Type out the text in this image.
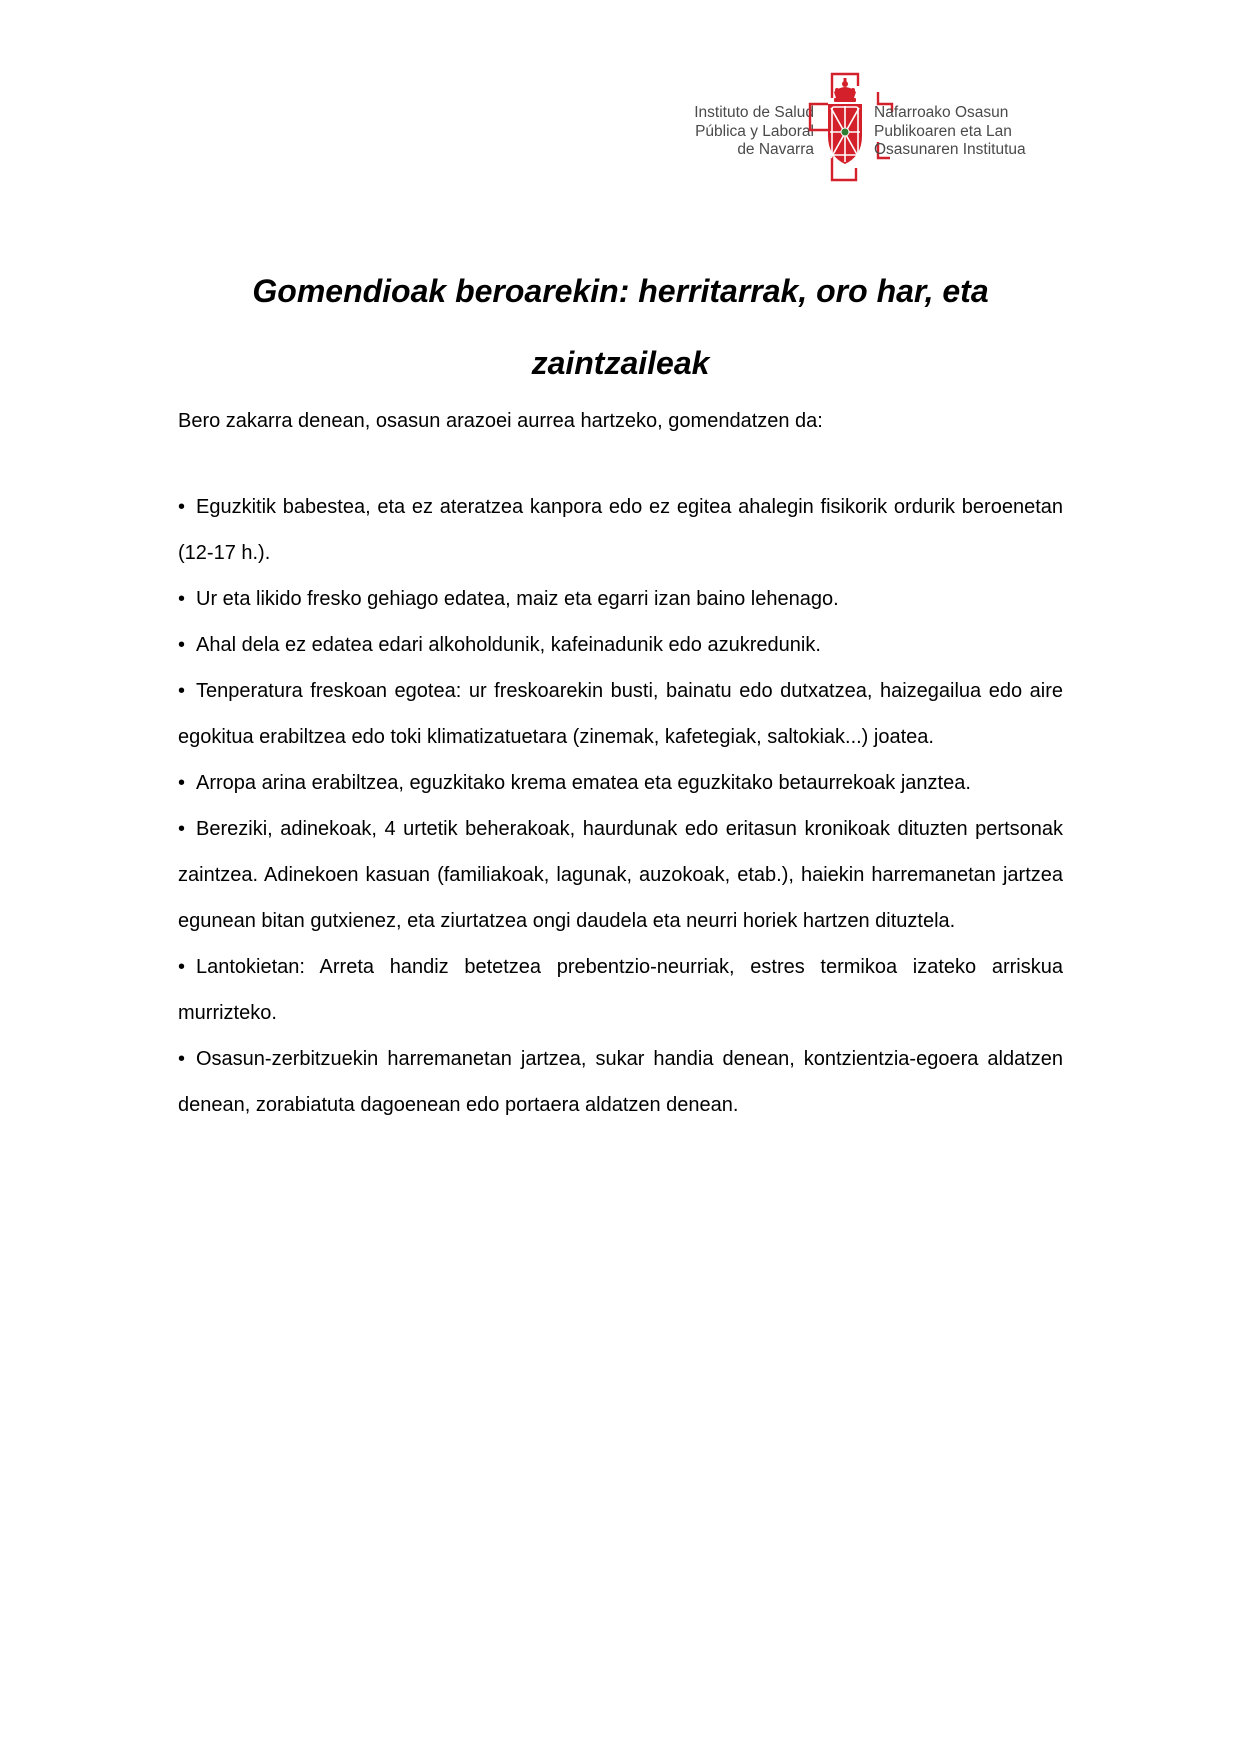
Instituto de Salud
Pública y Laboral
de Navarra
Nafarroako Osasun
Publikoaren eta Lan
Osasunaren Institutua
Gomendioak beroarekin: herritarrak, oro har, eta
zaintzaileak

Bero zakarra denean, osasun arazoei aurrea hartzeko, gomendatzen da:

• Eguzkitik babestea, eta ez ateratzea kanpora edo ez egitea ahalegin fisikorik ordurik beroenetan (12-17 h.).
• Ur eta likido fresko gehiago edatea, maiz eta egarri izan baino lehenago.
• Ahal dela ez edatea edari alkoholdunik, kafeinadunik edo azukredunik.
• Tenperatura freskoan egotea: ur freskoarekin busti, bainatu edo dutxatzea, haizegailua edo aire egokitua erabiltzea edo toki klimatizatuetara (zinemak, kafetegiak, saltokiak...) joatea.
• Arropa arina erabiltzea, eguzkitako krema ematea eta eguzkitako betaurrekoak janztea.
• Bereziki, adinekoak, 4 urtetik beherakoak, haurdunak edo eritasun kronikoak dituzten pertsonak zaintzea. Adinekoen kasuan (familiakoak, lagunak, auzokoak, etab.), haiekin harremanetan jartzea egunean bitan gutxienez, eta ziurtatzea ongi daudela eta neurri horiek hartzen dituztela.
• Lantokietan: Arreta handiz betetzea prebentzio-neurriak, estres termikoa izateko arriskua murrizteko.
• Osasun-zerbitzuekin harremanetan jartzea, sukar handia denean, kontzientzia-egoera aldatzen denean, zorabiatuta dagoenean edo portaera aldatzen denean.
